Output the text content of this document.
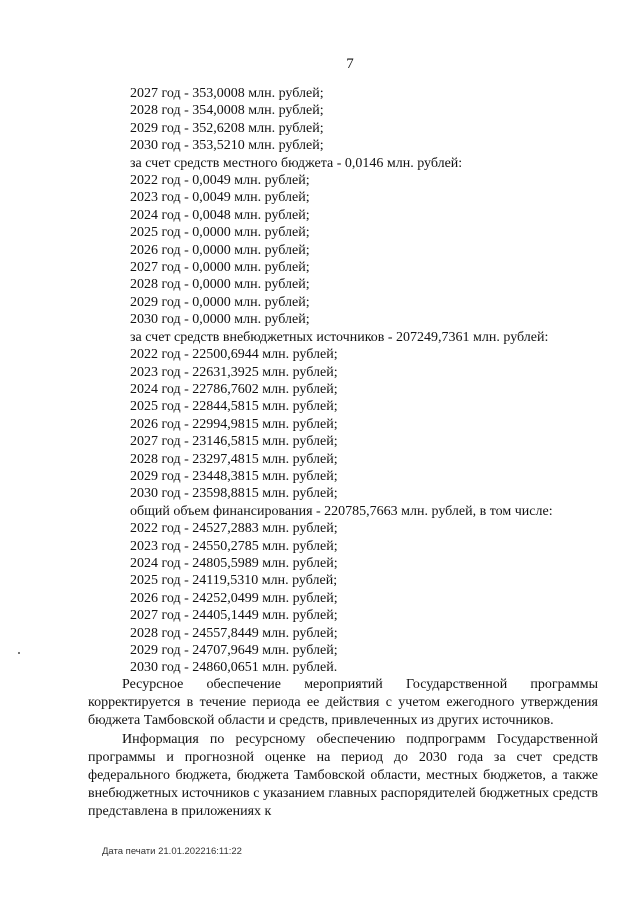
7
2027 год - 353,0008 млн. рублей;
2028 год - 354,0008 млн. рублей;
2029 год - 352,6208 млн. рублей;
2030 год - 353,5210 млн. рублей;
за счет средств местного бюджета - 0,0146 млн. рублей:
2022 год - 0,0049 млн. рублей;
2023 год - 0,0049 млн. рублей;
2024 год - 0,0048 млн. рублей;
2025 год - 0,0000 млн. рублей;
2026 год - 0,0000 млн. рублей;
2027 год - 0,0000 млн. рублей;
2028 год - 0,0000 млн. рублей;
2029 год - 0,0000 млн. рублей;
2030 год - 0,0000 млн. рублей;
за счет средств внебюджетных источников - 207249,7361 млн. рублей:
2022 год - 22500,6944 млн. рублей;
2023 год - 22631,3925 млн. рублей;
2024 год - 22786,7602 млн. рублей;
2025 год - 22844,5815 млн. рублей;
2026 год - 22994,9815 млн. рублей;
2027 год - 23146,5815 млн. рублей;
2028 год - 23297,4815 млн. рублей;
2029 год - 23448,3815 млн. рублей;
2030 год - 23598,8815 млн. рублей;
общий объем финансирования - 220785,7663 млн. рублей, в том числе:
2022 год - 24527,2883 млн. рублей;
2023 год - 24550,2785 млн. рублей;
2024 год - 24805,5989 млн. рублей;
2025 год - 24119,5310 млн. рублей;
2026 год - 24252,0499 млн. рублей;
2027 год - 24405,1449 млн. рублей;
2028 год - 24557,8449 млн. рублей;
2029 год - 24707,9649 млн. рублей;
2030 год - 24860,0651 млн. рублей.

Ресурсное обеспечение мероприятий Государственной программы корректируется в течение периода ее действия с учетом ежегодного утверждения бюджета Тамбовской области и средств, привлеченных из других источников.

Информация по ресурсному обеспечению подпрограмм Государственной программы и прогнозной оценке на период до 2030 года за счет средств федерального бюджета, бюджета Тамбовской области, местных бюджетов, а также внебюджетных источников с указанием главных распорядителей бюджетных средств представлена в приложениях к

Дата печати 21.01.202216:11:22
